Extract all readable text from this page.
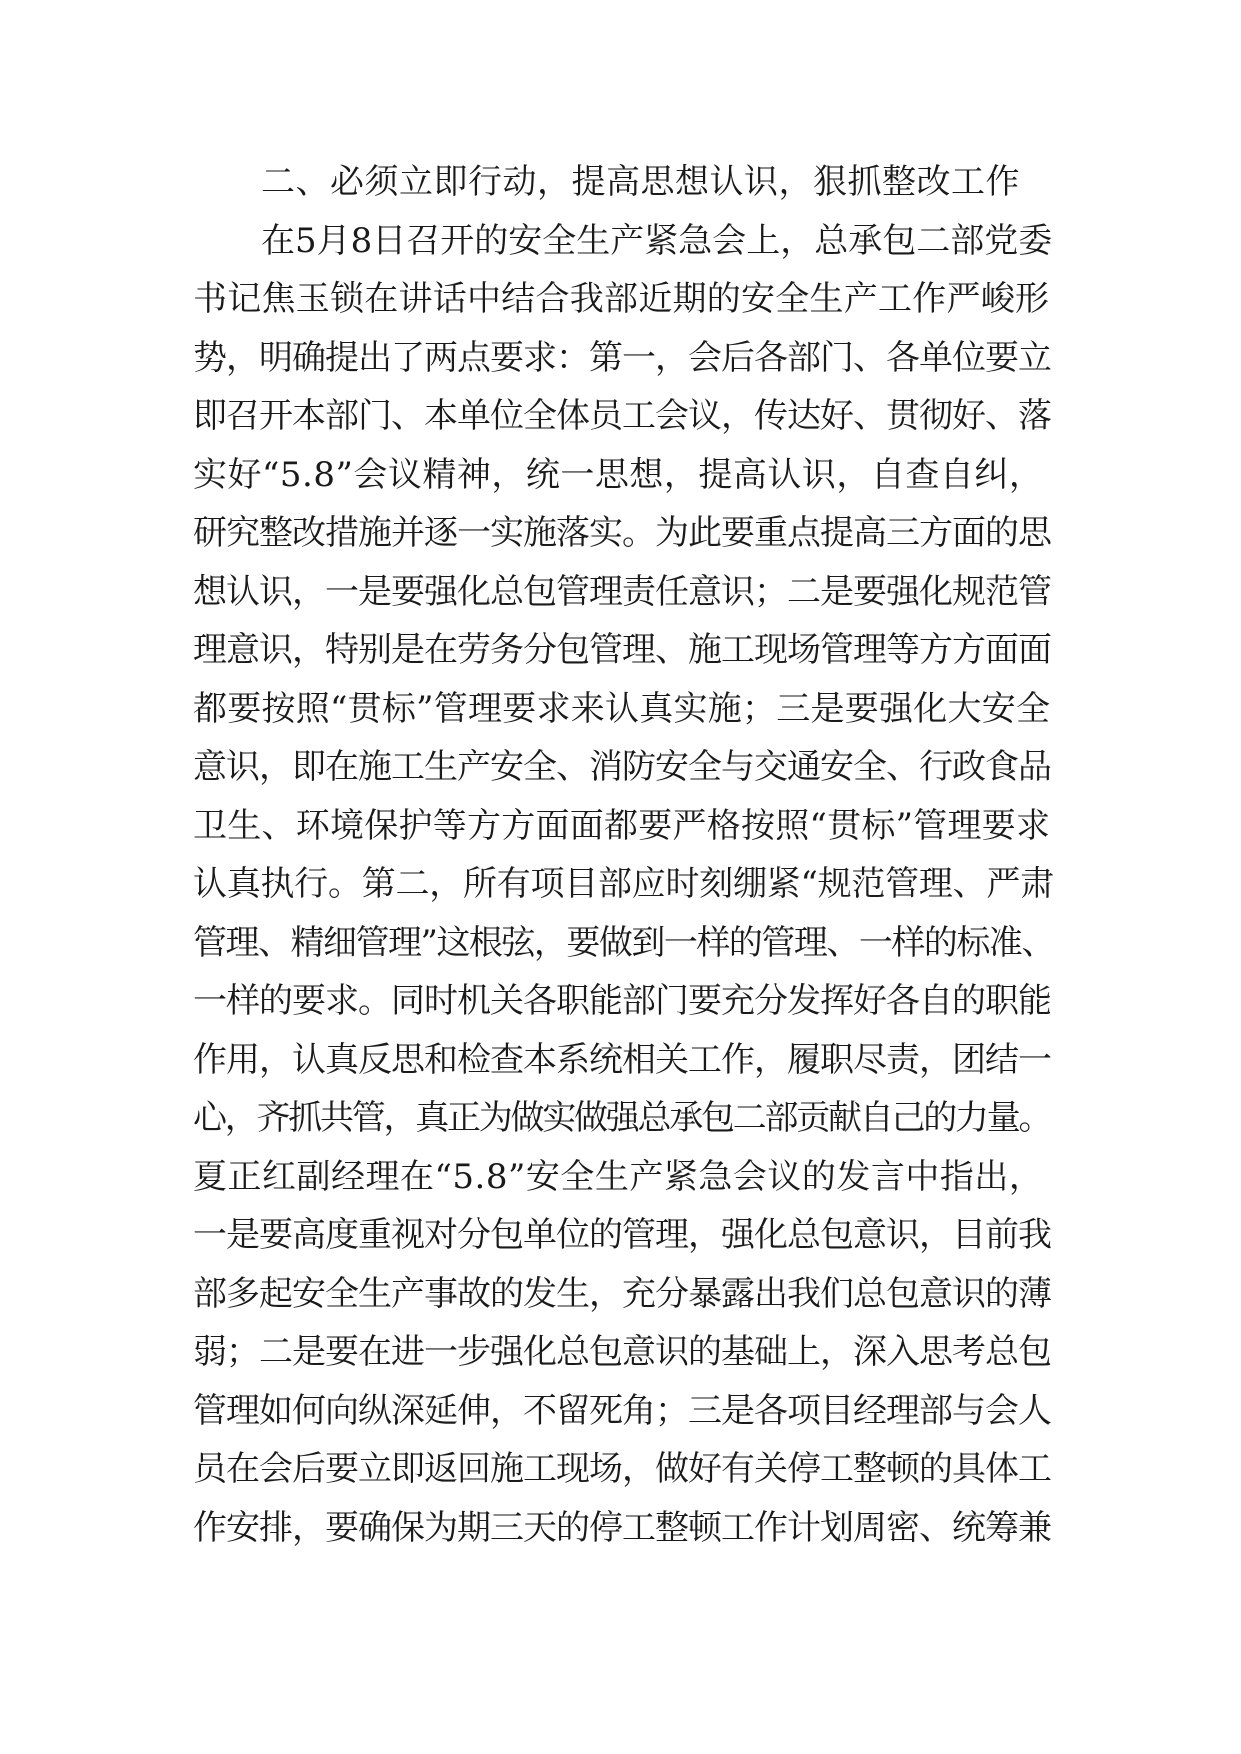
二、必须立即行动，提高思想认识，狠抓整改工作
在5月8日召开的安全生产紧急会上，总承包二部党委
书记焦玉锁在讲话中结合我部近期的安全生产工作严峻形
势，明确提出了两点要求：第一，会后各部门、各单位要立
即召开本部门、本单位全体员工会议，传达好、贯彻好、落
实好“5.8”会议精神，统一思想，提高认识，自查自纠，
研究整改措施并逐一实施落实。为此要重点提高三方面的思
想认识，一是要强化总包管理责任意识；二是要强化规范管
理意识，特别是在劳务分包管理、施工现场管理等方方面面
都要按照“贯标”管理要求来认真实施；三是要强化大安全
意识，即在施工生产安全、消防安全与交通安全、行政食品
卫生、环境保护等方方面面都要严格按照“贯标”管理要求
认真执行。第二，所有项目部应时刻绷紧“规范管理、严肃
管理、精细管理”这根弦，要做到一样的管理、一样的标准、
一样的要求。同时机关各职能部门要充分发挥好各自的职能
作用，认真反思和检查本系统相关工作，履职尽责，团结一
心，齐抓共管，真正为做实做强总承包二部贡献自己的力量。
夏正红副经理在“5.8”安全生产紧急会议的发言中指出，
一是要高度重视对分包单位的管理，强化总包意识，目前我
部多起安全生产事故的发生，充分暴露出我们总包意识的薄
弱；二是要在进一步强化总包意识的基础上，深入思考总包
管理如何向纵深延伸，不留死角；三是各项目经理部与会人
员在会后要立即返回施工现场，做好有关停工整顿的具体工
作安排，要确保为期三天的停工整顿工作计划周密、统筹兼
